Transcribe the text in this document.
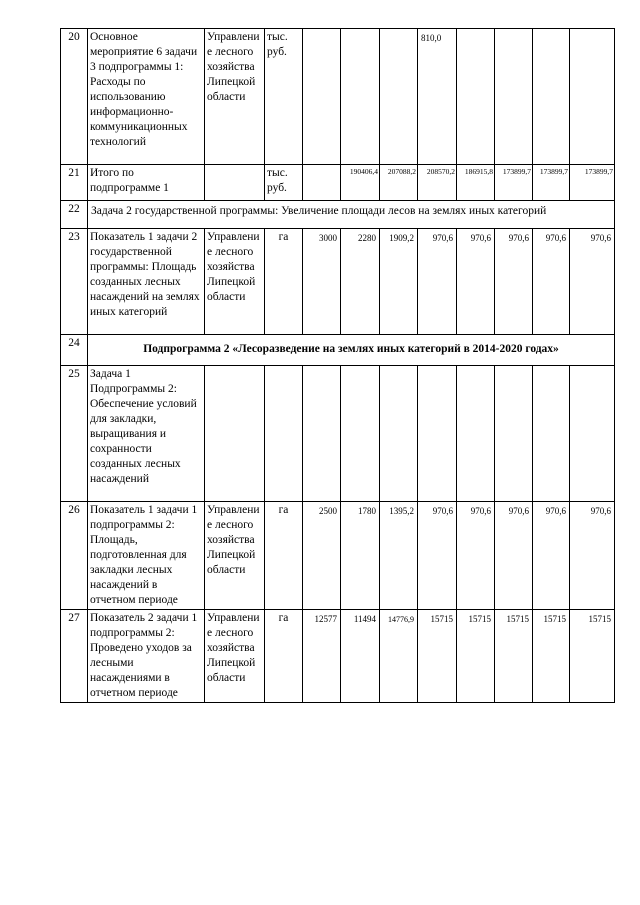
20	Основное мероприятие 6 задачи 3 подпрограммы 1: Расходы по использованию информационно-коммуникационных технологий	Управление лесного хозяйства Липецкой области	тыс. руб.				810,0				
21	Итого по подпрограмме 1		тыс. руб.		190406,4	207088,2	208570,2	186915,8	173899,7	173899,7	173899,7
22	Задача 2 государственной программы: Увеличение площади лесов на землях иных категорий										
23	Показатель 1 задачи 2 государственной программы: Площадь созданных лесных насаждений на землях иных категорий	Управление лесного хозяйства Липецкой области	га	3000	2280	1909,2	970,6	970,6	970,6	970,6	970,6
24	Подпрограмма 2 «Лесоразведение на землях иных категорий в 2014-2020 годах»										
25	Задача 1 Подпрограммы 2: Обеспечение условий для закладки, выращивания и сохранности созданных лесных насаждений										
26	Показатель 1 задачи 1 подпрограммы 2: Площадь, подготовленная для закладки лесных насаждений в отчетном периоде	Управление лесного хозяйства Липецкой области	га	2500	1780	1395,2	970,6	970,6	970,6	970,6	970,6
27	Показатель 2 задачи 1 подпрограммы 2: Проведено уходов за лесными насаждениями в отчетном периоде	Управление лесного хозяйства Липецкой области	га	12577	11494	14776,9	15715	15715	15715	15715	15715
